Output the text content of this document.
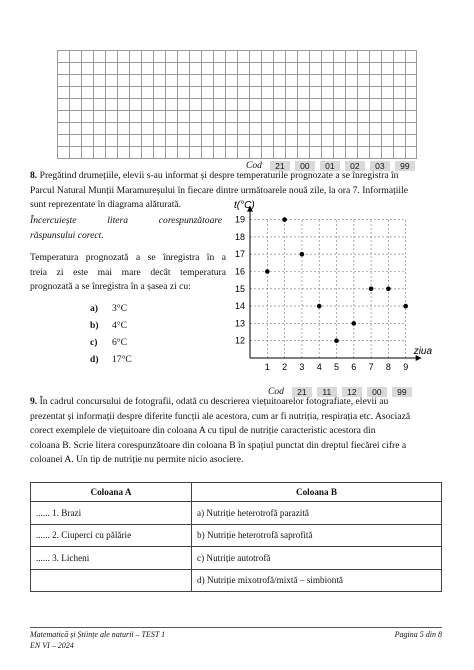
Cod	21	00	01	02	03	99
8. Pregătind drumețiile, elevii s-au informat și despre temperaturile prognozate a se înregistra în
Parcul Natural Munții Maramureșului în fiecare dintre următoarele nouă zile, la ora 7. Informațiile
sunt reprezentate în diagrama alăturată.
Încercuiește litera corespunzătoare
răspunsului corect.
Temperatura prognozată a se înregistra în a
treia zi este mai mare decât temperatura
prognozată a se înregistra în a șasea zi cu:
a) 3°C
b) 4°C
c) 6°C
d) 17°C
1 2 3 4 5 6 7 8 9
12
13
14
15
16
17
18
19
t(°C)
ziua
Cod	21	11	12	00	99
9. În cadrul concursului de fotografii, odată cu descrierea viețuitoarelor fotografiate, elevii au
prezentat și informații despre diferite funcții ale acestora, cum ar fi nutriția, respirația etc. Asociază
corect exemplele de viețuitoare din coloana A cu tipul de nutriție caracteristic acestora din
coloana B. Scrie litera corespunzătoare din coloana B în spațiul punctat din dreptul fiecărei cifre a
coloanei A. Un tip de nutriție nu permite nicio asociere.
Coloana A	Coloana B
...... 1. Brazi	a) Nutriție heterotrofă parazită
...... 2. Ciuperci cu pălărie	b) Nutriție heterotrofă saprofită
...... 3. Licheni	c) Nutriție autotrofă
	d) Nutriție mixotrofă/mixtă – simbiontă
Matematică și Științe ale naturii – TEST 1
EN VI – 2024
Pagina 5 din 8
